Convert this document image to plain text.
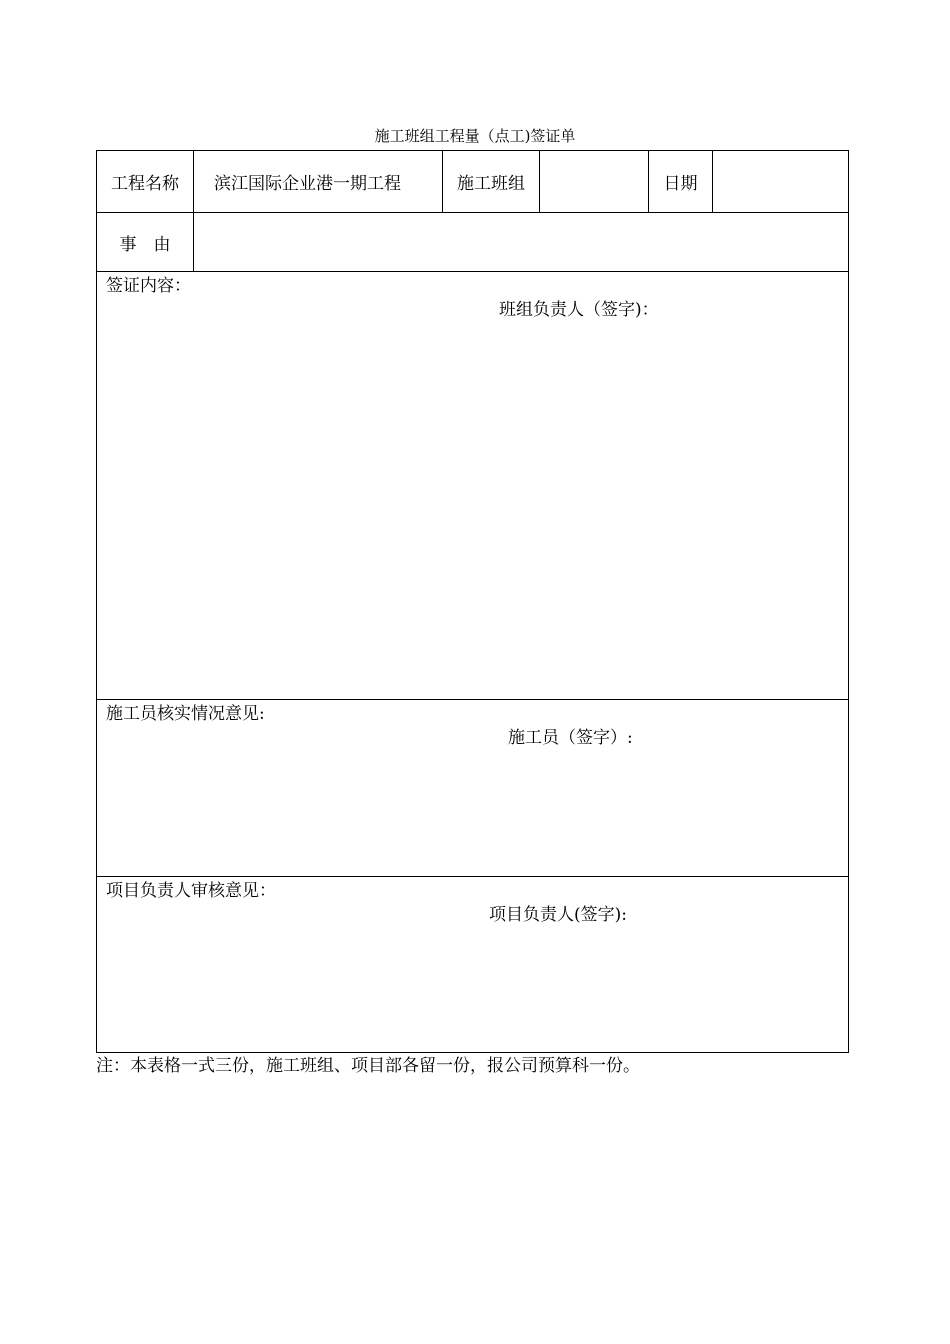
施工班组工程量（点工)签证单
工程名称	滨江国际企业港一期工程	施工班组		日期	
事　由					

签证内容：
班组负责人（签字)：					

施工员核实情况意见:
施工员（签字）:					

项目负责人审核意见：
项目负责人(签字):					
注：本表格一式三份，施工班组、项目部各留一份，报公司预算科一份。
